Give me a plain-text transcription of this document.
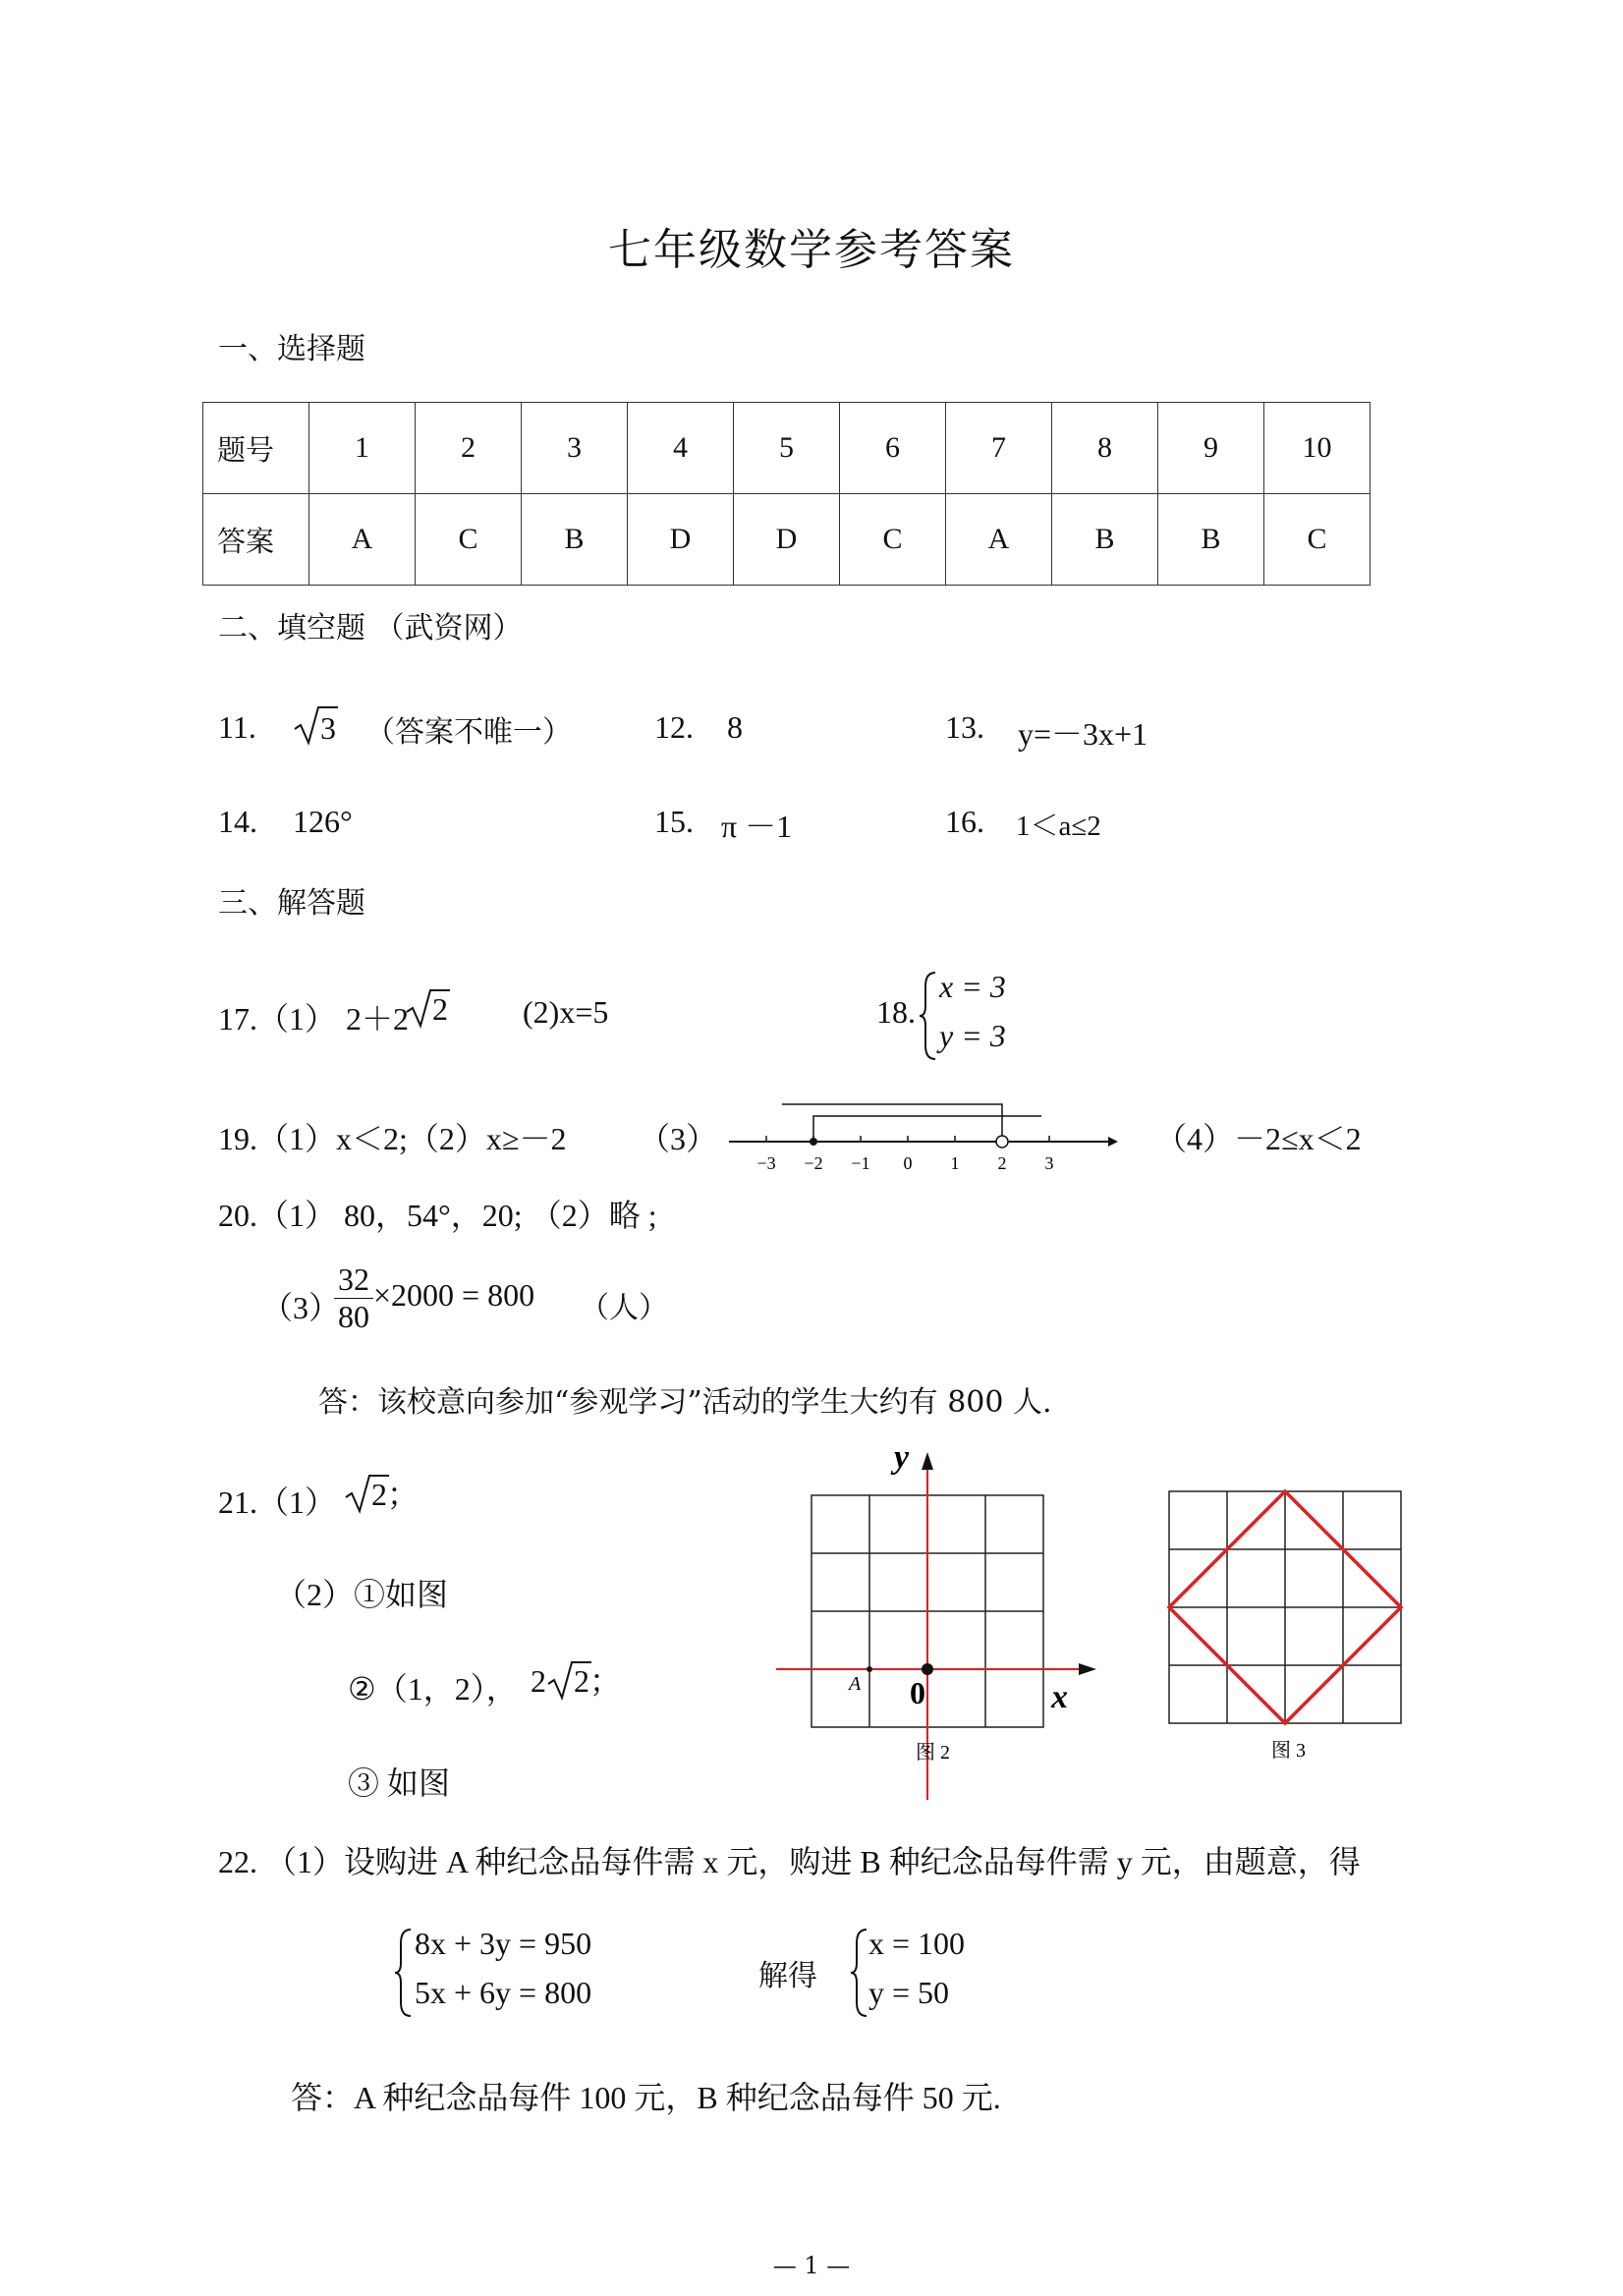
七年级数学参考答案
一、选择题
题号	1	2	3	4	5	6	7	8	9	10
答案	A	C	B	D	D	C	A	B	B	C
二、填空题 （武资网）
11.	3 （答案不唯一）	12. 8	13. y=－3x+1
14. 126°	15. π －1	16. 1＜a≤2
三、解答题
17.（1） 2＋2 2 (2)x=5	18.
x = 3
y = 3
19.（1）x＜2;（2）x≥－2 （3）
−3 −2 −1 0 1 2 3
（4）－2≤x＜2
20.（1） 80，54°，20; （2）略 ;
（3）
$\frac{32}{80} \times 2000 = 800$ （人）
答：该校意向参加“参观学习”活动的学生大约有 800 人.
21.（1）	2；
（2）①如图
②（1，2）， 2 2；
③ 如图
y
x
0
A
图 2	图 3
22. （1）设购进 A 种纪念品每件需 x 元，购进 B 种纪念品每件需 y 元，由题意，得
8x + 3y = 950
5x + 6y = 800	解得
x = 100
y = 50
答：A 种纪念品每件 100 元，B 种纪念品每件 50 元.
— 1 —
